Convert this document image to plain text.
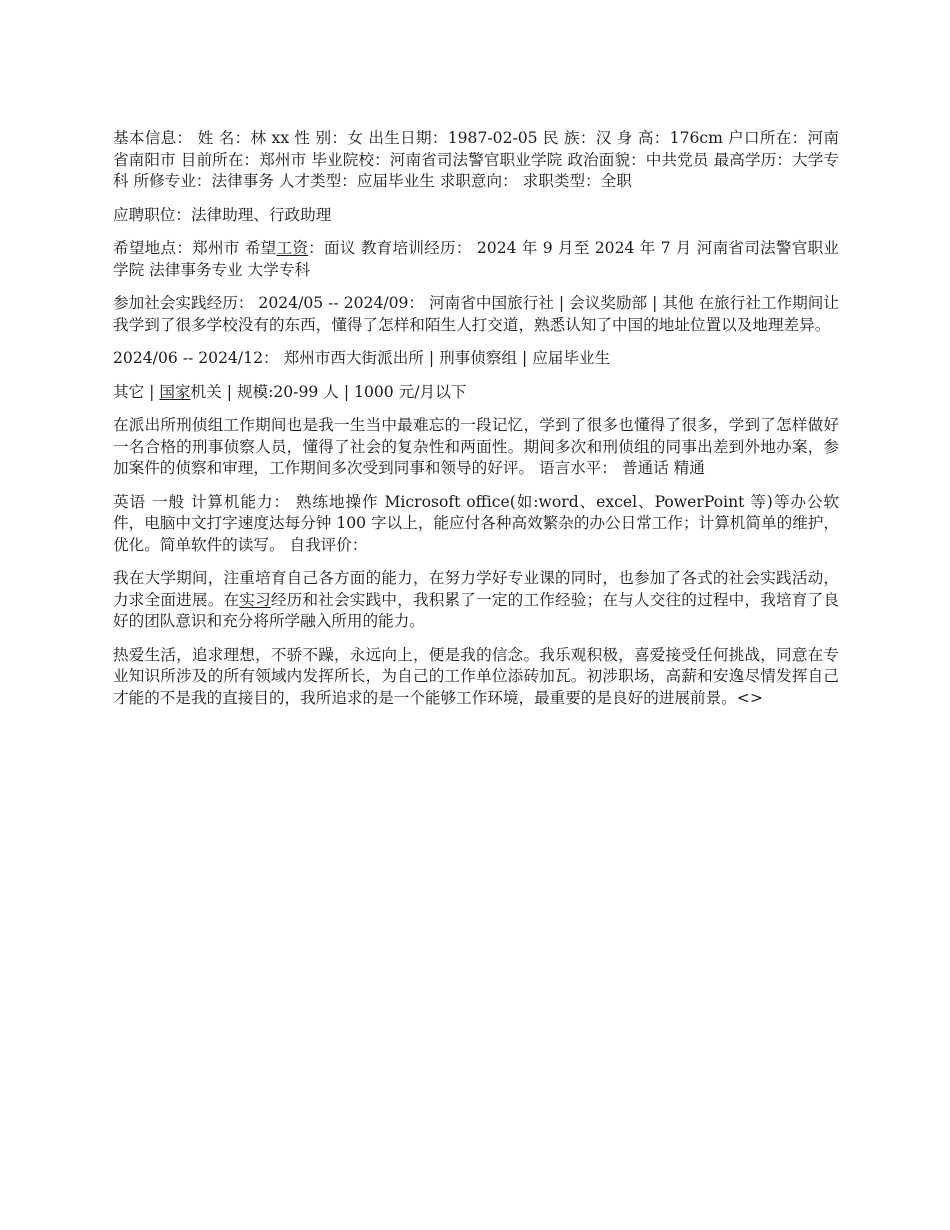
基本信息： 姓 名：林 xx 性 别：女 出生日期：1987-02-05 民 族：汉 身 高：176cm 户口所在：河南省南阳市 目前所在：郑州市 毕业院校：河南省司法警官职业学院 政治面貌：中共党员 最高学历：大学专科 所修专业：法律事务 人才类型：应届毕业生 求职意向： 求职类型：全职

应聘职位：法律助理、行政助理

希望地点：郑州市 希望工资：面议 教育培训经历： 2024 年 9 月至 2024 年 7 月 河南省司法警官职业学院 法律事务专业 大学专科

参加社会实践经历： 2024/05 -- 2024/09： 河南省中国旅行社 | 会议奖励部 | 其他 在旅行社工作期间让我学到了很多学校没有的东西，懂得了怎样和陌生人打交道，熟悉认知了中国的地址位置以及地理差异。

2024/06 -- 2024/12： 郑州市西大街派出所 | 刑事侦察组 | 应届毕业生

其它 | 国家机关 | 规模:20-99 人 | 1000 元/月以下

在派出所刑侦组工作期间也是我一生当中最难忘的一段记忆，学到了很多也懂得了很多，学到了怎样做好一名合格的刑事侦察人员，懂得了社会的复杂性和两面性。期间多次和刑侦组的同事出差到外地办案，参加案件的侦察和审理，工作期间多次受到同事和领导的好评。 语言水平： 普通话 精通

英语 一般 计算机能力： 熟练地操作 Microsoft office(如:word、excel、PowerPoint 等)等办公软件，电脑中文打字速度达每分钟 100 字以上，能应付各种高效繁杂的办公日常工作；计算机简单的维护，优化。简单软件的读写。 自我评价：

我在大学期间，注重培育自己各方面的能力，在努力学好专业课的同时，也参加了各式的社会实践活动，力求全面进展。在实习经历和社会实践中，我积累了一定的工作经验；在与人交往的过程中，我培育了良好的团队意识和充分将所学融入所用的能力。

热爱生活，追求理想，不骄不躁，永远向上，便是我的信念。我乐观积极，喜爱接受任何挑战，同意在专业知识所涉及的所有领域内发挥所长，为自己的工作单位添砖加瓦。初涉职场，高薪和安逸尽情发挥自己才能的不是我的直接目的，我所追求的是一个能够工作环境，最重要的是良好的进展前景。<>
